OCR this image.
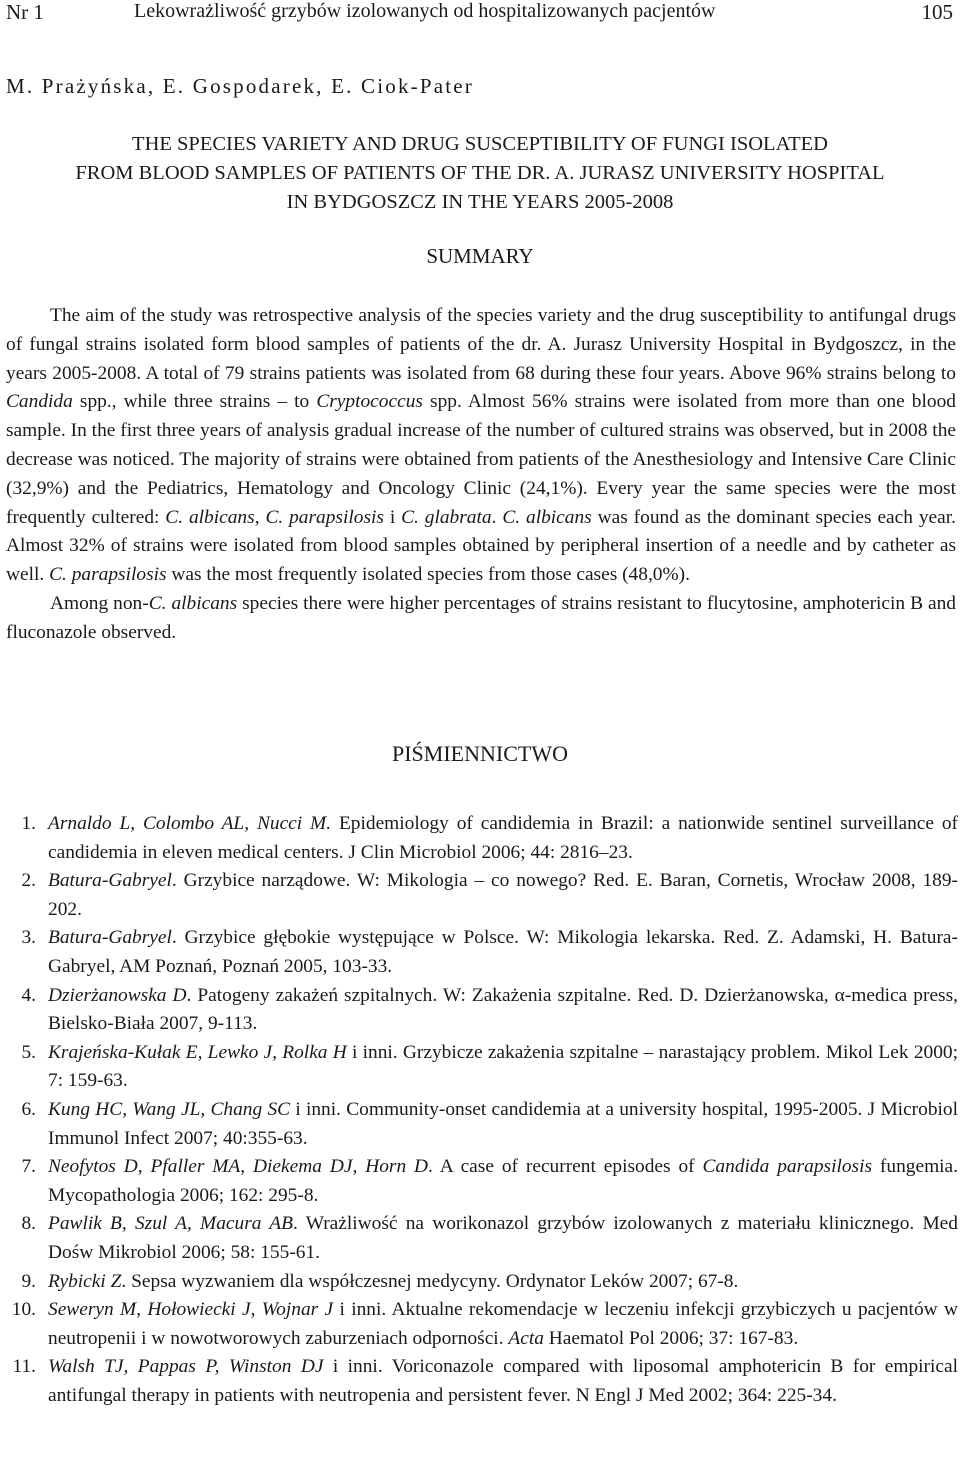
Nr 1	Lekowrażliwość grzybów izolowanych od hospitalizowanych pacjentów	105
M. Prażyńska, E. Gospodarek, E. Ciok-Pater
THE SPECIES VARIETY AND DRUG SUSCEPTIBILITY OF FUNGI ISOLATED
FROM BLOOD SAMPLES OF PATIENTS OF THE DR. A. JURASZ UNIVERSITY HOSPITAL
IN BYDGOSZCZ IN THE YEARS 2005-2008
SUMMARY

The aim of the study was retrospective analysis of the species variety and the drug susceptibility to antifungal drugs of fungal strains isolated form blood samples of patients of the dr. A. Jurasz University Hospital in Bydgoszcz, in the years 2005-2008. A total of 79 strains patients was isolated from 68 during these four years. Above 96% strains belong to Candida spp., while three strains – to Cryptococcus spp. Almost 56% strains were isolated from more than one blood sample. In the first three years of analysis gradual increase of the number of cultured strains was observed, but in 2008 the decrease was noticed. The majority of strains were obtained from patients of the Anesthesiology and Intensive Care Clinic (32,9%) and the Pediatrics, Hematology and Oncology Clinic (24,1%). Every year the same species were the most frequently cultered: C. albicans, C. parapsilosis i C. glabrata. C. albicans was found as the dominant species each year. Almost 32% of strains were isolated from blood samples obtained by peripheral insertion of a needle and by catheter as well. C. parapsilosis was the most frequently isolated species from those cases (48,0%).

Among non-C. albicans species there were higher percentages of strains resistant to flucytosine, amphotericin B and fluconazole observed.

PIŚMIENNICTWO
1. Arnaldo L, Colombo AL, Nucci M. Epidemiology of candidemia in Brazil: a nationwide sentinel surveillance of candidemia in eleven medical centers. J Clin Microbiol 2006; 44: 2816–23.
2. Batura-Gabryel. Grzybice narządowe. W: Mikologia – co nowego? Red. E. Baran, Cornetis, Wrocław 2008, 189-202.
3. Batura-Gabryel. Grzybice głębokie występujące w Polsce. W: Mikologia lekarska. Red. Z. Adamski, H. Batura-Gabryel, AM Poznań, Poznań 2005, 103-33.
4. Dzierżanowska D. Patogeny zakażeń szpitalnych. W: Zakażenia szpitalne. Red. D. Dzierżanowska, α-medica press, Bielsko-Biała 2007, 9-113.
5. Krajeńska-Kułak E, Lewko J, Rolka H i inni. Grzybicze zakażenia szpitalne – narastający problem. Mikol Lek 2000; 7: 159-63.
6. Kung HC, Wang JL, Chang SC i inni. Community-onset candidemia at a university hospital, 1995-2005. J Microbiol Immunol Infect 2007; 40:355-63.
7. Neofytos D, Pfaller MA, Diekema DJ, Horn D. A case of recurrent episodes of Candida parapsilosis fungemia. Mycopathologia 2006; 162: 295-8.
8. Pawlik B, Szul A, Macura AB. Wrażliwość na worikonazol grzybów izolowanych z materiału klinicznego. Med Dośw Mikrobiol 2006; 58: 155-61.
9. Rybicki Z. Sepsa wyzwaniem dla współczesnej medycyny. Ordynator Leków 2007; 67-8.
10. Seweryn M, Hołowiecki J, Wojnar J i inni. Aktualne rekomendacje w leczeniu infekcji grzybiczych u pacjentów w neutropenii i w nowotworowych zaburzeniach odporności. Acta Haematol Pol 2006; 37: 167-83.
11. Walsh TJ, Pappas P, Winston DJ i inni. Voriconazole compared with liposomal amphotericin B for empirical antifungal therapy in patients with neutropenia and persistent fever. N Engl J Med 2002; 364: 225-34.
